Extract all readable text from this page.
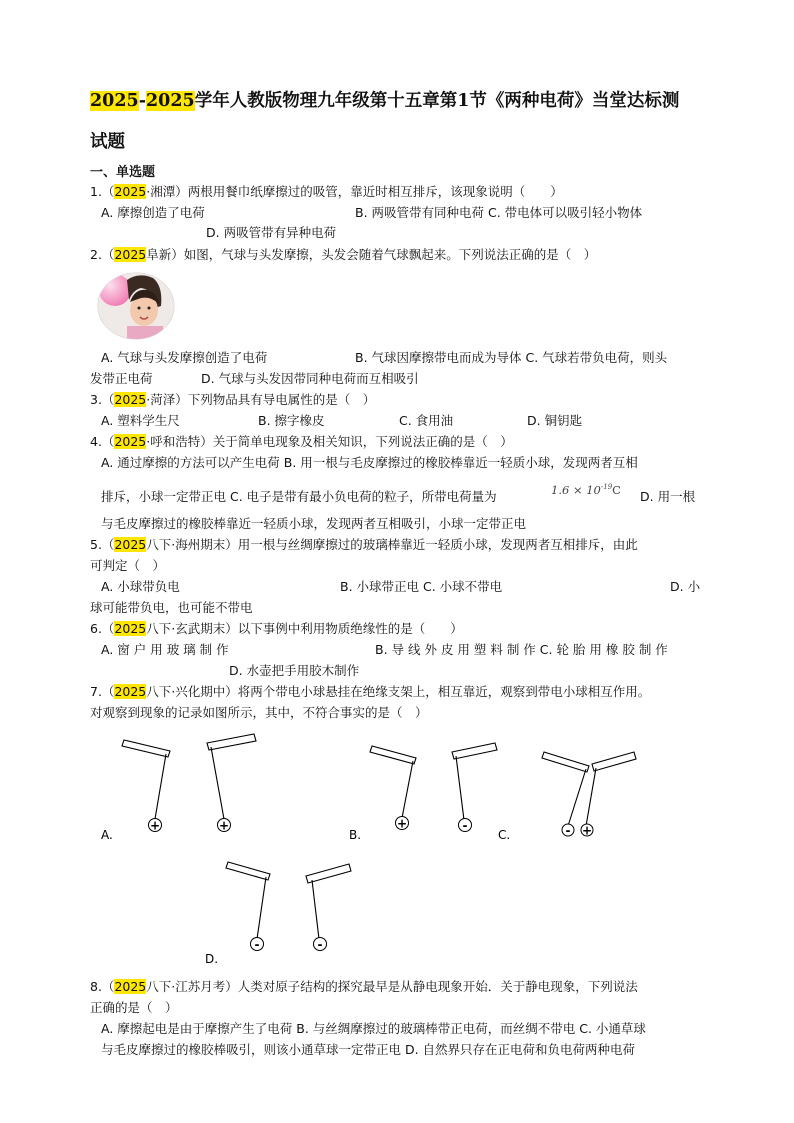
2025-2025学年人教版物理九年级第十五章第1节《两种电荷》当堂达标测
试题
一、单选题
1.（2025·湘潭）两根用餐巾纸摩擦过的吸管，靠近时相互排斥，该现象说明（　　）
A. 摩擦创造了电荷	B. 两吸管带有同种电荷 C. 带电体可以吸引轻小物体
D. 两吸管带有异种电荷
2.（2025阜新）如图，气球与头发摩擦，头发会随着气球飘起来。下列说法正确的是（　）
A. 气球与头发摩擦创造了电荷	B. 气球因摩擦带电而成为导体 C. 气球若带负电荷，则头
发带正电荷	D. 气球与头发因带同种电荷而互相吸引
3.（2025·菏泽）下列物品具有导电属性的是（　）
A. 塑料学生尺	B. 擦字橡皮	C. 食用油	D. 铜钥匙
4.（2025·呼和浩特）关于简单电现象及相关知识，下列说法正确的是（　）
A. 通过摩擦的方法可以产生电荷 B. 用一根与毛皮摩擦过的橡胶棒靠近一轻质小球，发现两者互相
排斥，小球一定带正电 C. 电子是带有最小负电荷的粒子，所带电荷量为	$1.6 \times 10^{-19}C$ D. 用一根
与毛皮摩擦过的橡胶棒靠近一轻质小球，发现两者互相吸引，小球一定带正电
5.（2025八下·海州期末）用一根与丝绸摩擦过的玻璃棒靠近一轻质小球，发现两者互相排斥，由此
可判定（　）
A. 小球带负电	B. 小球带正电 C. 小球不带电	D. 小
球可能带负电，也可能不带电
6.（2025八下·玄武期末）以下事例中利用物质绝缘性的是（　　）
A. 窗 户 用 玻 璃 制 作	B. 导 线 外 皮 用 塑 料 制 作 C. 轮 胎 用 橡 胶 制 作
D. 水壶把手用胶木制作
7.（2025八下·兴化期中）将两个带电小球悬挂在绝缘支架上，相互靠近，观察到带电小球相互作用。
对观察到现象的记录如图所示，其中，不符合事实的是（　）
+	+	+	-	- +
-	-
A.	B.	C.
D.
8.（2025八下·江苏月考）人类对原子结构的探究最早是从静电现象开始．关于静电现象，下列说法
正确的是（　）
A. 摩擦起电是由于摩擦产生了电荷 B. 与丝绸摩擦过的玻璃棒带正电荷，而丝绸不带电 C. 小通草球
与毛皮摩擦过的橡胶棒吸引，则该小通草球一定带正电 D. 自然界只存在正电荷和负电荷两种电荷
